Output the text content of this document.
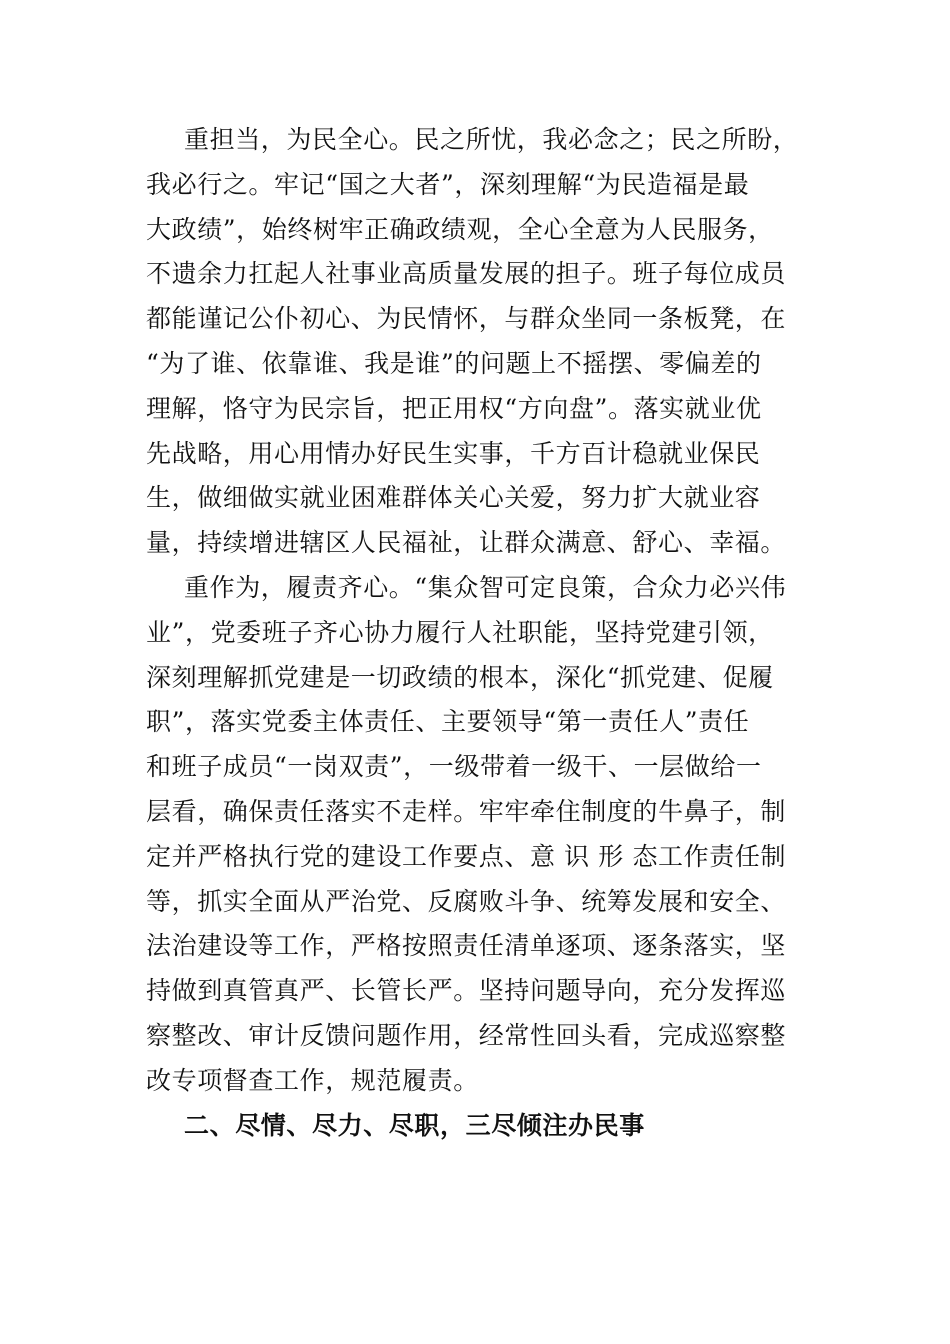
重担当，为民全心。民之所忧，我必念之；民之所盼，
我必行之。牢记“国之大者”，深刻理解“为民造福是最
大政绩”，始终树牢正确政绩观，全心全意为人民服务，
不遗余力扛起人社事业高质量发展的担子。班子每位成员
都能谨记公仆初心、为民情怀，与群众坐同一条板凳，在
“为了谁、依靠谁、我是谁”的问题上不摇摆、零偏差的
理解，恪守为民宗旨，把正用权“方向盘”。落实就业优
先战略，用心用情办好民生实事，千方百计稳就业保民
生，做细做实就业困难群体关心关爱，努力扩大就业容
量，持续增进辖区人民福祉，让群众满意、舒心、幸福。
重作为，履责齐心。“集众智可定良策，合众力必兴伟
业”，党委班子齐心协力履行人社职能，坚持党建引领，
深刻理解抓党建是一切政绩的根本，深化“抓党建、促履
职”，落实党委主体责任、主要领导“第一责任人”责任
和班子成员“一岗双责”，一级带着一级干、一层做给一
层看，确保责任落实不走样。牢牢牵住制度的牛鼻子，制
定并严格执行党的建设工作要点、意 识 形 态工作责任制
等，抓实全面从严治党、反腐败斗争、统筹发展和安全、
法治建设等工作，严格按照责任清单逐项、逐条落实，坚
持做到真管真严、长管长严。坚持问题导向，充分发挥巡
察整改、审计反馈问题作用，经常性回头看，完成巡察整
改专项督查工作，规范履责。
二、尽情、尽力、尽职，三尽倾注办民事
